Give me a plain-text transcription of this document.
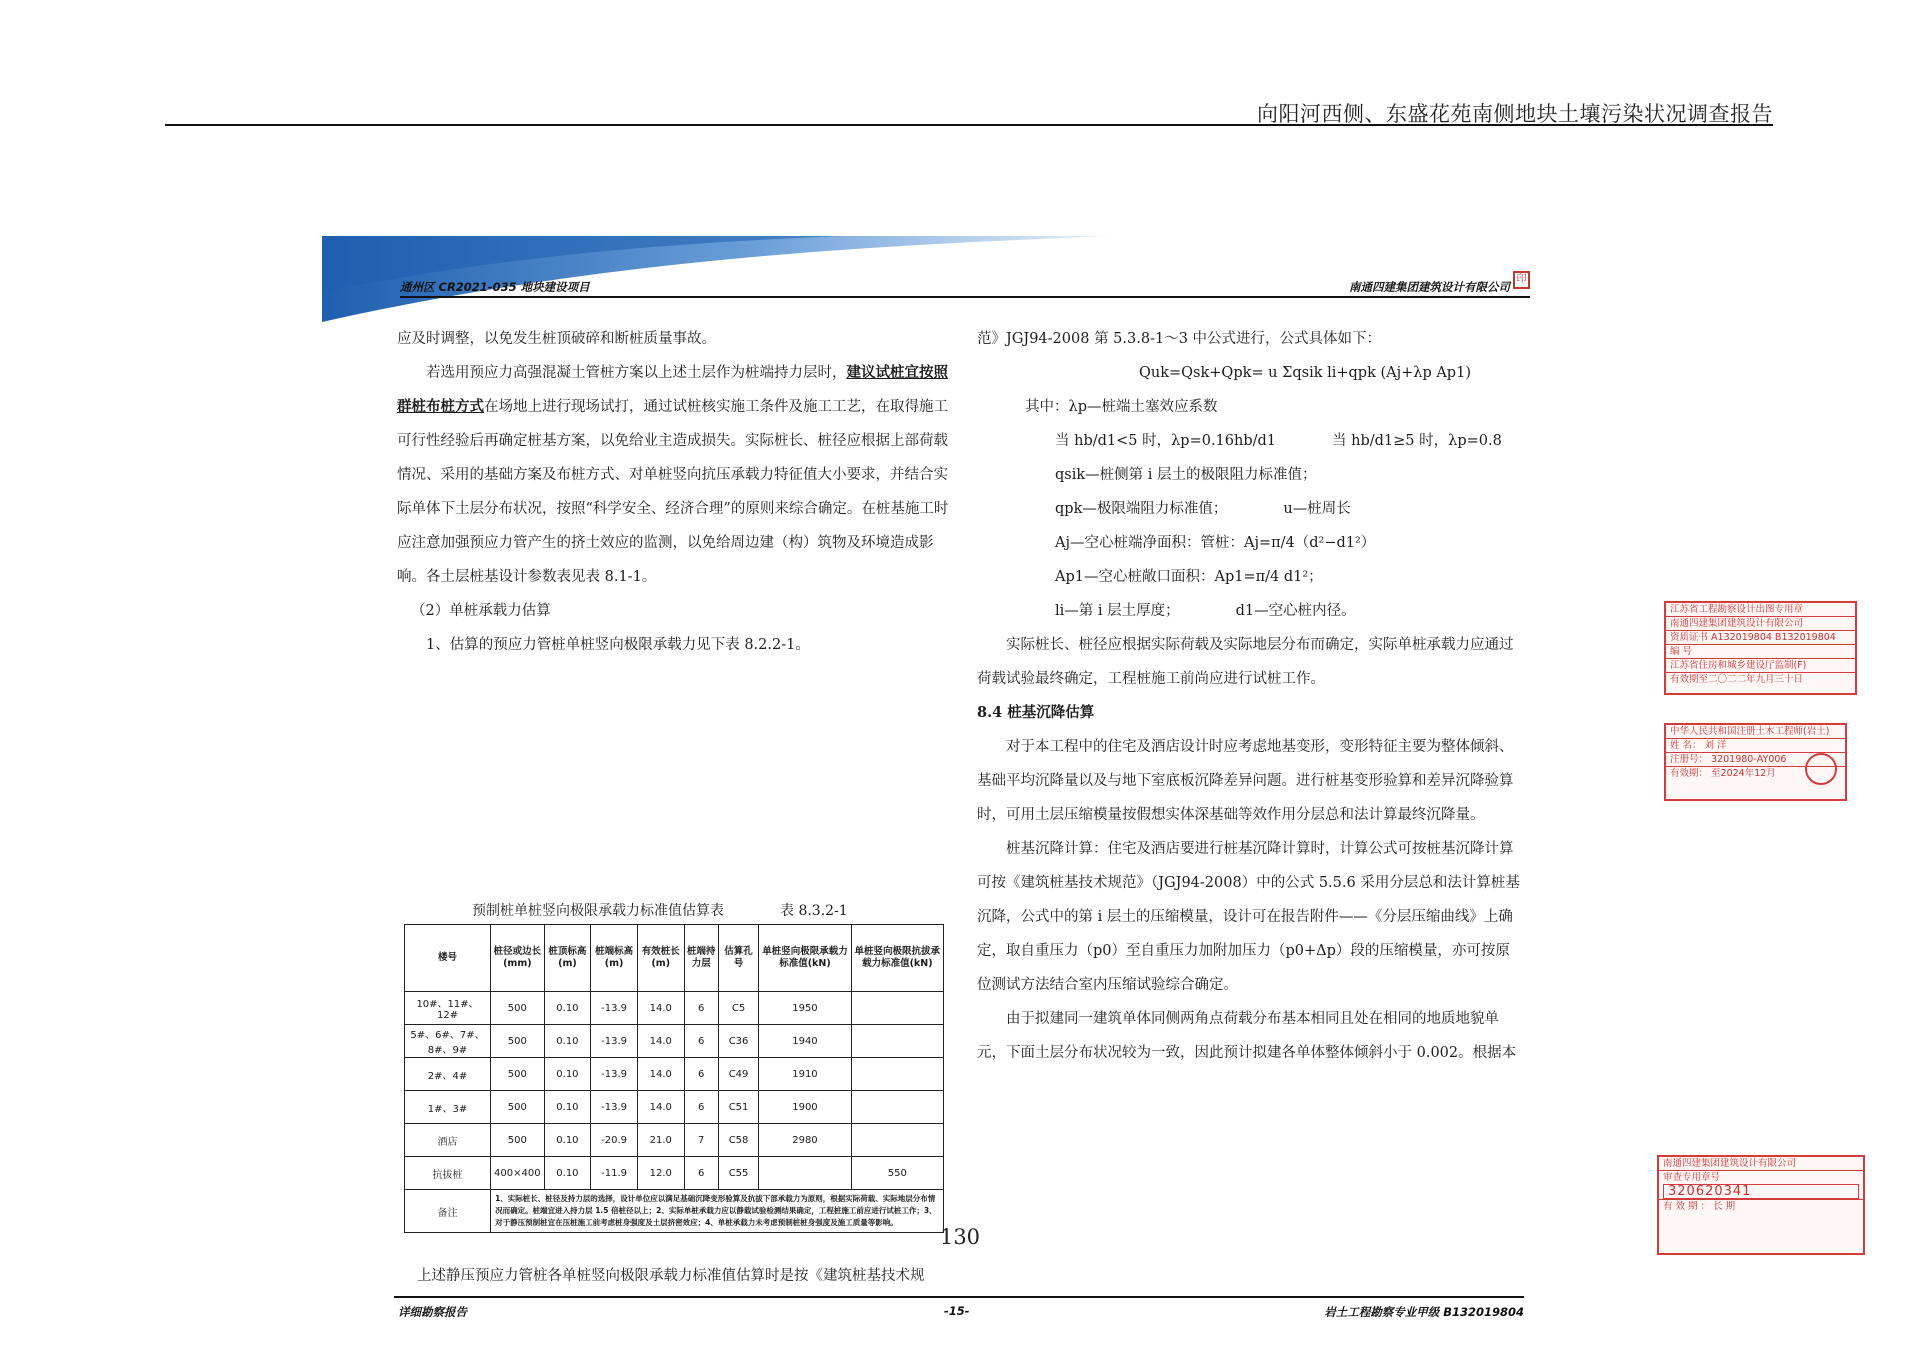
向阳河西侧、东盛花苑南侧地块土壤污染状况调查报告
通州区 CR2021-035 地块建设项目	南通四建集团建筑设计有限公司
印

应及时调整，以免发生桩顶破碎和断桩质量事故。

若选用预应力高强混凝土管桩方案以上述土层作为桩端持力层时，建议试桩宜按照群桩布桩方式在场地上进行现场试打，通过试桩核实施工条件及施工工艺，在取得施工可行性经验后再确定桩基方案，以免给业主造成损失。实际桩长、桩径应根据上部荷载情况、采用的基础方案及布桩方式、对单桩竖向抗压承载力特征值大小要求，并结合实际单体下土层分布状况，按照“科学安全、经济合理”的原则来综合确定。在桩基施工时应注意加强预应力管产生的挤土效应的监测，以免给周边建（构）筑物及环境造成影响。各土层桩基设计参数表见表 8.1-1。

（2）单桩承载力估算

1、估算的预应力管桩单桩竖向极限承载力见下表 8.2.2-1。

范》JGJ94-2008 第 5.3.8-1～3 中公式进行，公式具体如下：

Quk=Qsk+Qpk= u Σqsik li+qpk (Aj+λp Ap1)

其中：λp—桩端土塞效应系数

当 hb/d1<5 时，λp=0.16hb/d1	当 hb/d1≥5 时，λp=0.8

qsik—桩侧第 i 层土的极限阻力标准值；

qpk—极限端阻力标准值；	u—桩周长

Aj—空心桩端净面积：管桩：Aj=π/4（d²−d1²）

Ap1—空心桩敞口面积：Ap1=π/4 d1²；

li—第 i 层土厚度；	d1—空心桩内径。

实际桩长、桩径应根据实际荷载及实际地层分布而确定，实际单桩承载力应通过荷载试验最终确定，工程桩施工前尚应进行试桩工作。

8.4 桩基沉降估算

对于本工程中的住宅及酒店设计时应考虑地基变形，变形特征主要为整体倾斜、基础平均沉降量以及与地下室底板沉降差异问题。进行桩基变形验算和差异沉降验算时，可用土层压缩模量按假想实体深基础等效作用分层总和法计算最终沉降量。

桩基沉降计算：住宅及酒店要进行桩基沉降计算时，计算公式可按桩基沉降计算可按《建筑桩基技术规范》（JGJ94-2008）中的公式 5.5.6 采用分层总和法计算桩基沉降，公式中的第 i 层土的压缩模量，设计可在报告附件——《分层压缩曲线》上确定，取自重压力（p0）至自重压力加附加压力（p0+Δp）段的压缩模量，亦可按原位测试方法结合室内压缩试验综合确定。

由于拟建同一建筑单体同侧两角点荷载分布基本相同且处在相同的地质地貌单元，下面土层分布状况较为一致，因此预计拟建各单体整体倾斜小于 0.002。根据本

预制桩单桩竖向极限承载力标准值估算表	表 8.3.2-1
楼号	桩径或边长(mm)	桩顶标高(m)	桩端标高(m)	有效桩长(m)	桩端持力层	估算孔号	单桩竖向极限承载力标准值(kN)	单桩竖向极限抗拔承载力标准值(kN)
10#、11#、12#	500	0.10	-13.9	14.0	6	C5	1950	
5#、6#、7#、8#、9#	500	0.10	-13.9	14.0	6	C36	1940	
2#、4#	500	0.10	-13.9	14.0	6	C49	1910	
1#、3#	500	0.10	-13.9	14.0	6	C51	1900	
酒店	500	0.10	-20.9	21.0	7	C58	2980	
抗拔桩	400×400	0.10	-11.9	12.0	6	C55		550
备注	1、实际桩长、桩径及持力层的选择，设计单位应以满足基础沉降变形验算及抗拔下部承载力为原则，根据实际荷载、实际地层分布情况而确定。桩端宜进入持力层 1.5 倍桩径以上；2、实际单桩承载力应以静载试验检测结果确定，工程桩施工前应进行试桩工作；3、对于静压预制桩宜在压桩施工前考虑桩身强度及土层挤密效应；4、单桩承载力未考虑预制桩桩身强度及施工质量等影响。							
上述静压预应力管桩各单桩竖向极限承载力标准值估算时是按《建筑桩基技术规
江苏省工程勘察设计出图专用章
南通四建集团建筑设计有限公司
资质证书 A132019804 B132019804
编 号
江苏省住房和城乡建设厅监制(F)
有效期至二〇二二年九月三十日
中华人民共和国注册土木工程师(岩土)
姓 名： 刘 洋
注册号： 3201980-AY006
有效期： 至2024年12月
南通四建集团建筑设计有限公司
审查专用章号
320620341
有 效 期 ： 长 期
详细勘察报告	-15-	岩土工程勘察专业甲级 B132019804
130
